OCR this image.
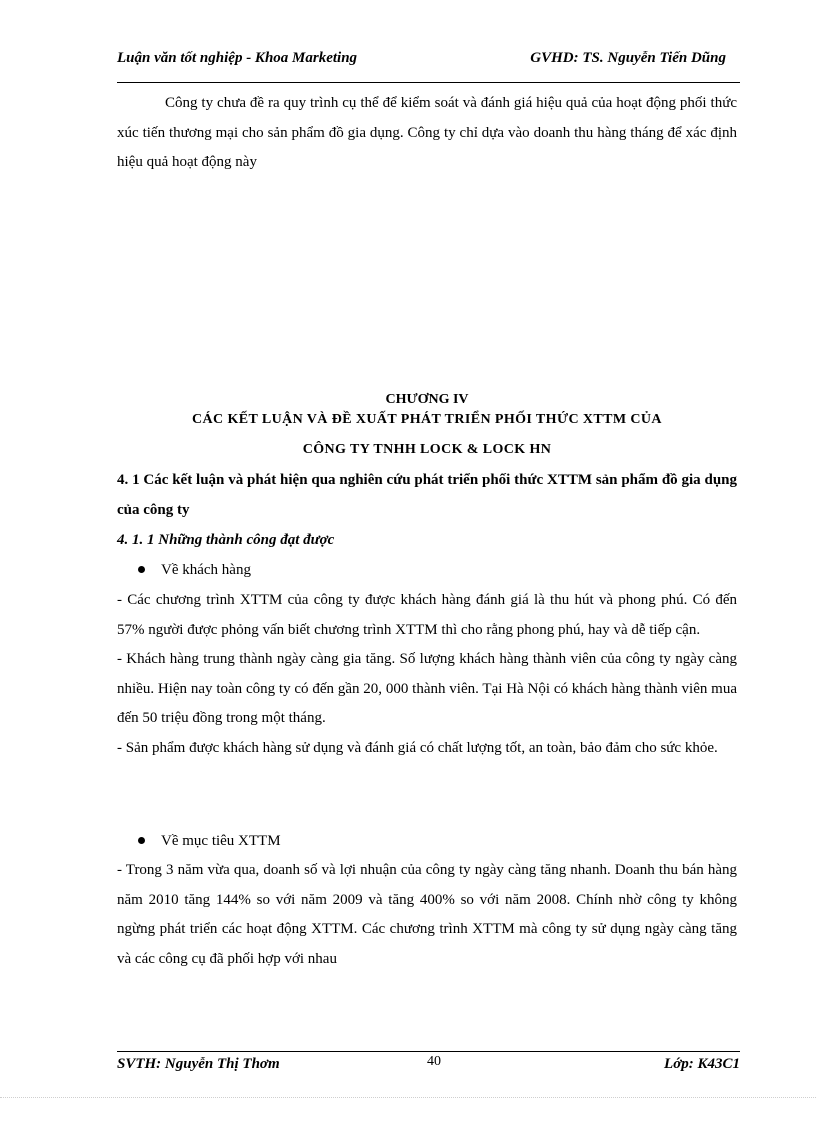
Luận văn tốt nghiệp - Khoa Marketing	GVHD: TS. Nguyễn Tiến Dũng
Công ty chưa đề ra quy trình cụ thể để kiểm soát và đánh giá hiệu quả của hoạt động phối thức xúc tiến thương mại cho sản phẩm đồ gia dụng. Công ty chỉ dựa vào doanh thu hàng tháng để xác định hiệu quả hoạt động này
CHƯƠNG IV
CÁC KẾT LUẬN VÀ ĐỀ XUẤT PHÁT TRIỂN PHỐI THỨC XTTM CỦA
CÔNG TY TNHH LOCK & LOCK HN
4. 1 Các kết luận và phát hiện qua nghiên cứu phát triển phối thức XTTM sản phẩm đồ gia dụng của công ty
4. 1. 1 Những thành công đạt được
Về khách hàng

- Các chương trình XTTM của công ty được khách hàng đánh giá là thu hút và phong phú. Có đến 57% người được phỏng vấn biết chương trình XTTM thì cho rằng phong phú, hay và dễ tiếp cận.

- Khách hàng trung thành ngày càng gia tăng. Số lượng khách hàng thành viên của công ty ngày càng nhiều. Hiện nay toàn công ty có đến gần 20, 000 thành viên. Tại Hà Nội có khách hàng thành viên mua đến 50 triệu đồng trong một tháng.

- Sản phẩm được khách hàng sử dụng và đánh giá có chất lượng tốt, an toàn, bảo đảm cho sức khỏe.

Về mục tiêu XTTM

- Trong 3 năm vừa qua, doanh số và lợi nhuận của công ty ngày càng tăng nhanh. Doanh thu bán hàng năm 2010 tăng 144% so với năm 2009 và tăng 400% so với năm 2008. Chính nhờ công ty không ngừng phát triển các hoạt động XTTM. Các chương trình XTTM mà công ty sử dụng ngày càng tăng và các công cụ đã phối hợp với nhau

SVTH: Nguyễn Thị Thơm	40	Lớp: K43C1
